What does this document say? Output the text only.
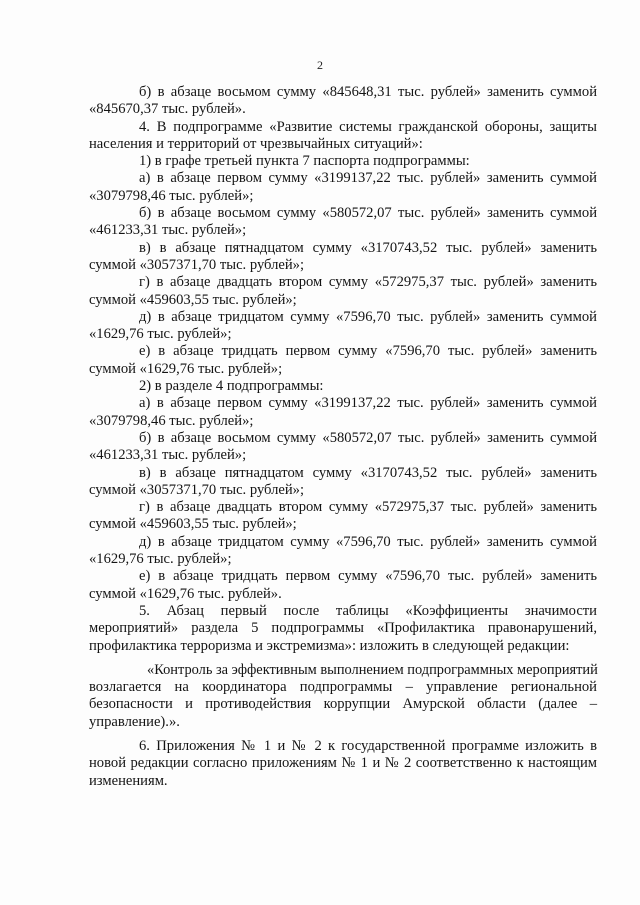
2
б) в абзаце восьмом сумму «845648,31 тыс. рублей» заменить суммой
«845670,37 тыс. рублей».
4. В подпрограмме «Развитие системы гражданской обороны, защиты
населения и территорий от чрезвычайных ситуаций»:
1) в графе третьей пункта 7 паспорта подпрограммы:
а) в абзаце первом сумму «3199137,22 тыс. рублей» заменить суммой
«3079798,46 тыс. рублей»;
б) в абзаце восьмом сумму «580572,07 тыс. рублей» заменить суммой
«461233,31 тыс. рублей»;
в) в абзаце пятнадцатом сумму «3170743,52 тыс. рублей» заменить
суммой «3057371,70 тыс. рублей»;
г) в абзаце двадцать втором сумму «572975,37 тыс. рублей» заменить
суммой «459603,55 тыс. рублей»;
д) в абзаце тридцатом сумму «7596,70 тыс. рублей» заменить суммой
«1629,76 тыс. рублей»;
е) в абзаце тридцать первом сумму «7596,70 тыс. рублей» заменить
суммой «1629,76 тыс. рублей»;
2) в разделе 4 подпрограммы:
а) в абзаце первом сумму «3199137,22 тыс. рублей» заменить суммой
«3079798,46 тыс. рублей»;
б) в абзаце восьмом сумму «580572,07 тыс. рублей» заменить суммой
«461233,31 тыс. рублей»;
в) в абзаце пятнадцатом сумму «3170743,52 тыс. рублей» заменить
суммой «3057371,70 тыс. рублей»;
г) в абзаце двадцать втором сумму «572975,37 тыс. рублей» заменить
суммой «459603,55 тыс. рублей»;
д) в абзаце тридцатом сумму «7596,70 тыс. рублей» заменить суммой
«1629,76 тыс. рублей»;
е) в абзаце тридцать первом сумму «7596,70 тыс. рублей» заменить
суммой «1629,76 тыс. рублей».
5. Абзац первый после таблицы «Коэффициенты значимости
мероприятий» раздела 5 подпрограммы «Профилактика правонарушений,
профилактика терроризма и экстремизма»: изложить в следующей редакции:
«Контроль за эффективным выполнением подпрограммных мероприятий
возлагается на координатора подпрограммы – управление региональной
безопасности и противодействия коррупции Амурской области (далее –
управление).».
6. Приложения № 1 и № 2 к государственной программе изложить в
новой редакции согласно приложениям № 1 и № 2 соответственно к настоящим
изменениям.
